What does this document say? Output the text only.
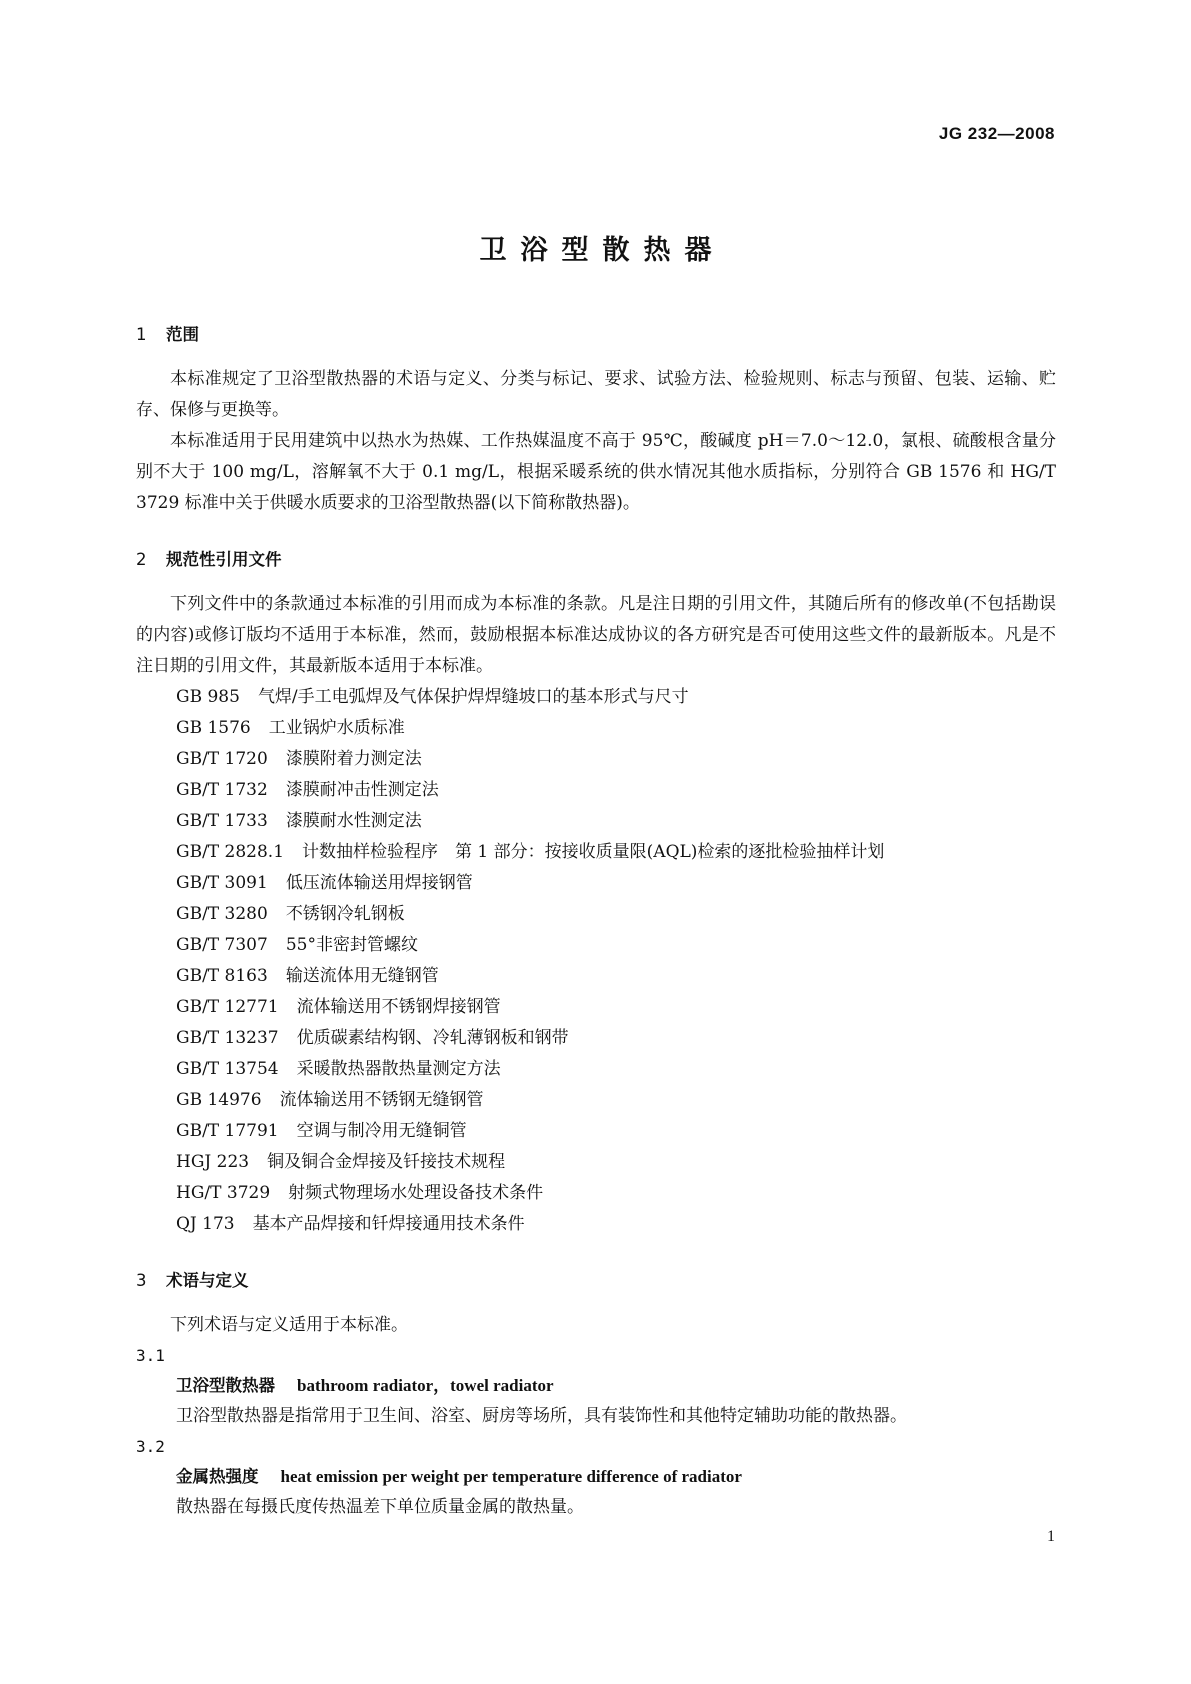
JG 232—2008
卫浴型散热器
1 范围

本标准规定了卫浴型散热器的术语与定义、分类与标记、要求、试验方法、检验规则、标志与预留、包装、运输、贮存、保修与更换等。

本标准适用于民用建筑中以热水为热媒、工作热媒温度不高于 95℃，酸碱度 pH＝7.0～12.0，氯根、硫酸根含量分别不大于 100 mg/L，溶解氧不大于 0.1 mg/L，根据采暖系统的供水情况其他水质指标，分别符合 GB 1576 和 HG/T 3729 标准中关于供暖水质要求的卫浴型散热器(以下简称散热器)。

2 规范性引用文件

下列文件中的条款通过本标准的引用而成为本标准的条款。凡是注日期的引用文件，其随后所有的修改单(不包括勘误的内容)或修订版均不适用于本标准，然而，鼓励根据本标准达成协议的各方研究是否可使用这些文件的最新版本。凡是不注日期的引用文件，其最新版本适用于本标准。

GB 985 气焊/手工电弧焊及气体保护焊焊缝坡口的基本形式与尺寸
GB 1576 工业锅炉水质标准
GB/T 1720 漆膜附着力测定法
GB/T 1732 漆膜耐冲击性测定法
GB/T 1733 漆膜耐水性测定法
GB/T 2828.1 计数抽样检验程序　第 1 部分：按接收质量限(AQL)检索的逐批检验抽样计划
GB/T 3091 低压流体输送用焊接钢管
GB/T 3280 不锈钢冷轧钢板
GB/T 7307 55°非密封管螺纹
GB/T 8163 输送流体用无缝钢管
GB/T 12771 流体输送用不锈钢焊接钢管
GB/T 13237 优质碳素结构钢、冷轧薄钢板和钢带
GB/T 13754 采暖散热器散热量测定方法
GB 14976 流体输送用不锈钢无缝钢管
GB/T 17791 空调与制冷用无缝铜管
HGJ 223 铜及铜合金焊接及钎接技术规程
HG/T 3729 射频式物理场水处理设备技术条件
QJ 173 基本产品焊接和钎焊接通用技术条件
3 术语与定义

下列术语与定义适用于本标准。

3.1

卫浴型散热器 bathroom radiator，towel radiator

卫浴型散热器是指常用于卫生间、浴室、厨房等场所，具有装饰性和其他特定辅助功能的散热器。

3.2

金属热强度 heat emission per weight per temperature difference of radiator

散热器在每摄氏度传热温差下单位质量金属的散热量。

1
